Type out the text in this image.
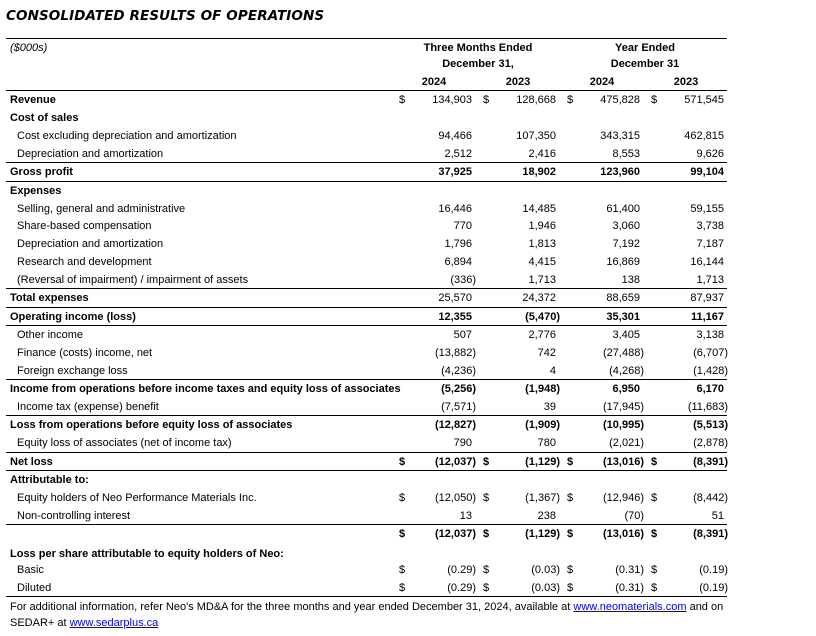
CONSOLIDATED RESULTS OF OPERATIONS
($000s)	Three Months Ended
December 31,
Year Ended
December 31
2024	2023	2024	2023
Revenue	$	134,903 $	128,668 $	475,828 $	571,545
Cost of sales
Cost excluding depreciation and amortization	94,466	107,350	343,315	462,815
Depreciation and amortization	2,512	2,416	8,553	9,626
Gross profit	37,925	18,902	123,960	99,104
Expenses
Selling, general and administrative	16,446	14,485	61,400	59,155
Share-based compensation	770	1,946	3,060	3,738
Depreciation and amortization	1,796	1,813	7,192	7,187
Research and development	6,894	4,415	16,869	16,144
(Reversal of impairment) / impairment of assets	(336)	1,713	138	1,713
Total expenses	25,570	24,372	88,659	87,937
Operating income (loss)	12,355	(5,470)	35,301	11,167
Other income	507	2,776	3,405	3,138
Finance (costs) income, net	(13,882)	742	(27,488)	(6,707)
Foreign exchange loss	(4,236)	4	(4,268)	(1,428)
Income from operations before income taxes and equity loss of associates	(5,256)	(1,948)	6,950	6,170
Income tax (expense) benefit	(7,571)	39	(17,945)	(11,683)
Loss from operations before equity loss of associates	(12,827)	(1,909)	(10,995)	(5,513)
Equity loss of associates (net of income tax)	790	780	(2,021)	(2,878)
Net loss	$	(12,037) $	(1,129) $	(13,016) $	(8,391)
Attributable to:
Equity holders of Neo Performance Materials Inc.	$	(12,050) $	(1,367) $	(12,946) $	(8,442)
Non-controlling interest	13	238	(70)	51
$	(12,037) $	(1,129) $	(13,016) $	(8,391)
Loss per share attributable to equity holders of Neo:
Basic	$	(0.29) $	(0.03) $	(0.31) $	(0.19)
Diluted	$	(0.29) $	(0.03) $	(0.31) $	(0.19)
For additional information, refer Neo's MD&A for the three months and year ended December 31, 2024, available at www.neomaterials.com and on
SEDAR+ at www.sedarplus.ca
